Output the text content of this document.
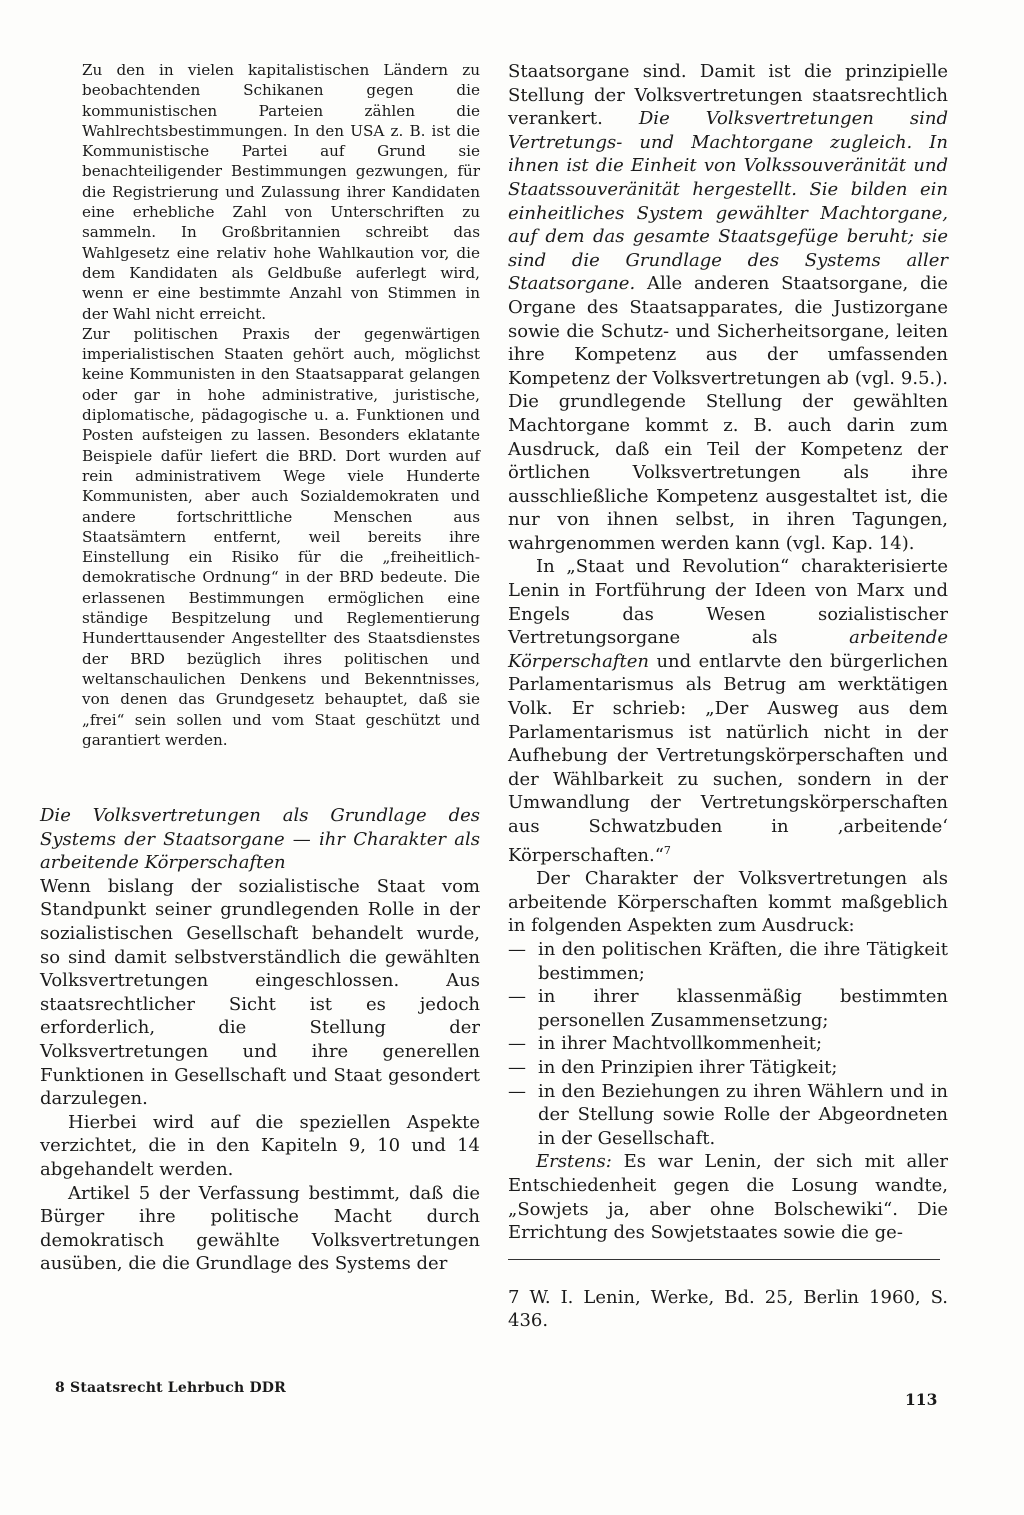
Zu den in vielen kapitalistischen Ländern zu beobachtenden Schikanen gegen die kommunistischen Parteien zählen die Wahlrechtsbestimmungen. In den USA z. B. ist die Kommunistische Partei auf Grund sie benachteiligender Bestimmungen gezwungen, für die Registrierung und Zulassung ihrer Kandidaten eine erhebliche Zahl von Unterschriften zu sammeln. In Großbritannien schreibt das Wahlgesetz eine relativ hohe Wahlkaution vor, die dem Kandidaten als Geldbuße auferlegt wird, wenn er eine bestimmte Anzahl von Stimmen in der Wahl nicht erreicht.

Zur politischen Praxis der gegenwärtigen imperialistischen Staaten gehört auch, möglichst keine Kommunisten in den Staatsapparat gelangen oder gar in hohe administrative, juristische, diplomatische, pädagogische u. a. Funktionen und Posten aufsteigen zu lassen. Besonders eklatante Beispiele dafür liefert die BRD. Dort wurden auf rein administrativem Wege viele Hunderte Kommunisten, aber auch Sozialdemokraten und andere fortschrittliche Menschen aus Staatsämtern entfernt, weil bereits ihre Einstellung ein Risiko für die „freiheitlich-demokratische Ordnung“ in der BRD bedeute. Die erlassenen Bestimmungen ermöglichen eine ständige Bespitzelung und Reglementierung Hunderttausender Angestellter des Staatsdienstes der BRD bezüglich ihres politischen und weltanschaulichen Denkens und Bekenntnisses, von denen das Grundgesetz behauptet, daß sie „frei“ sein sollen und vom Staat geschützt und garantiert werden.

Die Volksvertretungen als Grundlage des Systems der Staatsorgane — ihr Charakter als arbeitende Körperschaften

Wenn bislang der sozialistische Staat vom Standpunkt seiner grundlegenden Rolle in der sozialistischen Gesellschaft behandelt wurde, so sind damit selbstverständlich die gewählten Volksvertretungen eingeschlossen. Aus staatsrechtlicher Sicht ist es jedoch erforderlich, die Stellung der Volksvertretungen und ihre generellen Funktionen in Gesellschaft und Staat gesondert darzulegen.

Hierbei wird auf die speziellen Aspekte verzichtet, die in den Kapiteln 9, 10 und 14 abgehandelt werden.

Artikel 5 der Verfassung bestimmt, daß die Bürger ihre politische Macht durch demokratisch gewählte Volksvertretungen ausüben, die die Grundlage des Systems der

Staatsorgane sind. Damit ist die prinzipielle Stellung der Volksvertretungen staatsrechtlich verankert. Die Volksvertretungen sind Vertretungs- und Machtorgane zugleich. In ihnen ist die Einheit von Volkssouveränität und Staatssouveränität hergestellt. Sie bilden ein einheitliches System gewählter Machtorgane, auf dem das gesamte Staatsgefüge beruht; sie sind die Grundlage des Systems aller Staatsorgane. Alle anderen Staatsorgane, die Organe des Staatsapparates, die Justizorgane sowie die Schutz- und Sicherheitsorgane, leiten ihre Kompetenz aus der umfassenden Kompetenz der Volksvertretungen ab (vgl. 9.5.). Die grundlegende Stellung der gewählten Machtorgane kommt z. B. auch darin zum Ausdruck, daß ein Teil der Kompetenz der örtlichen Volksvertretungen als ihre ausschließliche Kompetenz ausgestaltet ist, die nur von ihnen selbst, in ihren Tagungen, wahrgenommen werden kann (vgl. Kap. 14).

In „Staat und Revolution“ charakterisierte Lenin in Fortführung der Ideen von Marx und Engels das Wesen sozialistischer Vertretungsorgane als	arbeitende Körperschaften und entlarvte den bürgerlichen Parlamentarismus als Betrug am werktätigen Volk. Er schrieb: „Der Ausweg aus dem Parlamentarismus ist natürlich nicht in der Aufhebung der Vertretungskörperschaften und der Wählbarkeit zu suchen, sondern in der Umwandlung der Vertretungskörperschaften aus Schwatzbuden in ‚arbeitende‘ Körperschaften.“$^7$

Der Charakter der Volksvertretungen als arbeitende Körperschaften kommt maßgeblich in folgenden Aspekten zum Ausdruck:

— in den politischen Kräften, die ihre Tätigkeit bestimmen;
— in ihrer klassenmäßig bestimmten personellen Zusammensetzung;
— in ihrer Machtvollkommenheit;
— in den Prinzipien ihrer Tätigkeit;
— in den Beziehungen zu ihren Wählern und in der Stellung sowie Rolle der Abgeordneten in der Gesellschaft.

Erstens: Es war Lenin, der sich mit aller Entschiedenheit gegen die Losung wandte, „Sowjets ja, aber ohne Bolschewiki“. Die Errichtung des Sowjetstaates sowie die ge-

7 W. I. Lenin, Werke, Bd. 25, Berlin 1960, S. 436.

8 Staatsrecht Lehrbuch DDR
113
